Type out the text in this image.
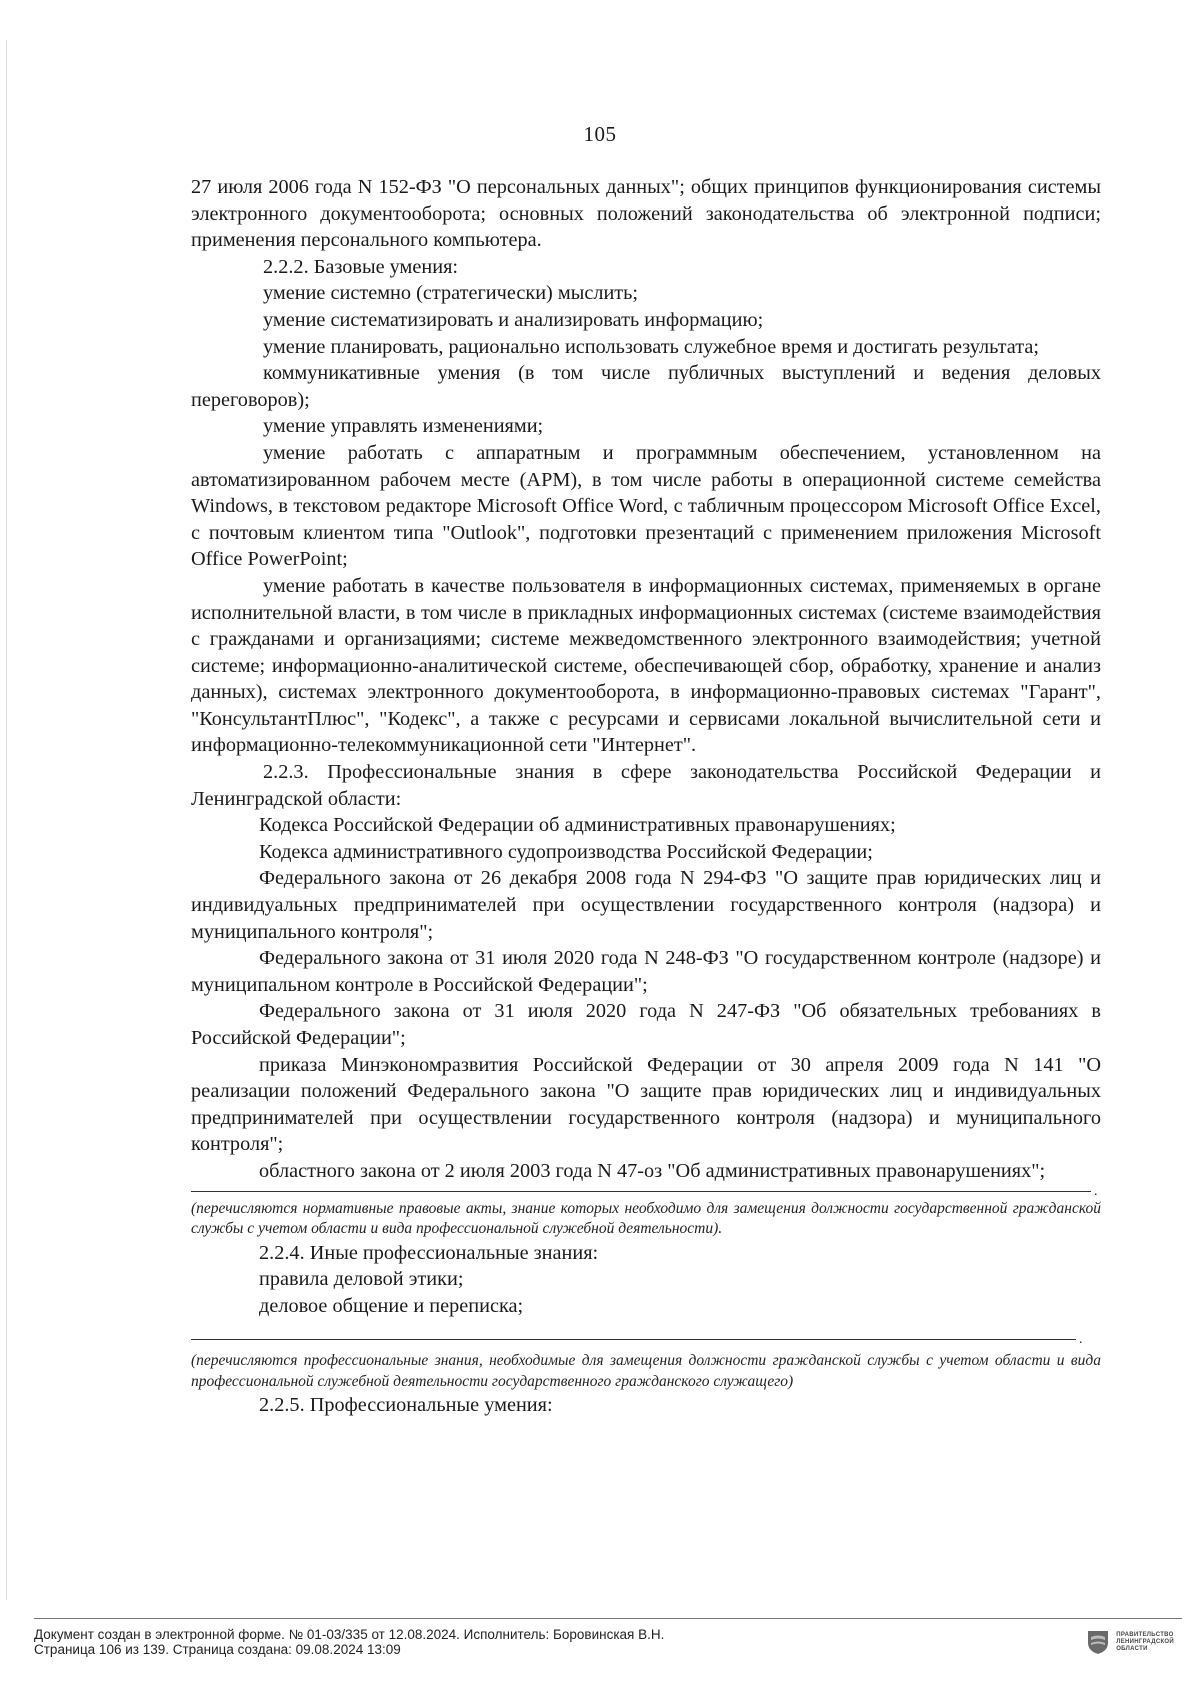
105

27 июля 2006 года N 152-ФЗ "О персональных данных"; общих принципов функционирования системы электронного документооборота; основных положений законодательства об электронной подписи; применения персонального компьютера.

2.2.2. Базовые умения:

умение системно (стратегически) мыслить;

умение систематизировать и анализировать информацию;

умение планировать, рационально использовать служебное время и достигать результата;

коммуникативные умения (в том числе публичных выступлений и ведения деловых переговоров);

умение управлять изменениями;

умение работать с аппаратным и программным обеспечением, установленном на автоматизированном рабочем месте (АРМ), в том числе работы в операционной системе семейства Windows, в текстовом редакторе Microsoft Office Word, с табличным процессором Microsoft Office Excel, с почтовым клиентом типа "Outlook", подготовки презентаций с применением приложения Microsoft Office PowerPoint;

умение работать в качестве пользователя в информационных системах, применяемых в органе исполнительной власти, в том числе в прикладных информационных системах (системе взаимодействия с гражданами и организациями; системе межведомственного электронного взаимодействия; учетной системе; информационно-аналитической системе, обеспечивающей сбор, обработку, хранение и анализ данных), системах электронного документооборота, в информационно-правовых системах "Гарант", "КонсультантПлюс", "Кодекс", а также с ресурсами и сервисами локальной вычислительной сети и информационно-телекоммуникационной сети "Интернет".

2.2.3. Профессиональные знания в сфере законодательства Российской Федерации и Ленинградской области:

Кодекса Российской Федерации об административных правонарушениях;

Кодекса административного судопроизводства Российской Федерации;

Федерального закона от 26 декабря 2008 года N 294-ФЗ "О защите прав юридических лиц и индивидуальных предпринимателей при осуществлении государственного контроля (надзора) и муниципального контроля";

Федерального закона от 31 июля 2020 года N 248-ФЗ "О государственном контроле (надзоре) и муниципальном контроле в Российской Федерации";

Федерального закона от 31 июля 2020 года N 247-ФЗ "Об обязательных требованиях в Российской Федерации";

приказа Минэкономразвития Российской Федерации от 30 апреля 2009 года N 141 "О реализации положений Федерального закона "О защите прав юридических лиц и индивидуальных предпринимателей при осуществлении государственного контроля (надзора) и муниципального контроля";

областного закона от 2 июля 2003 года N 47-оз "Об административных правонарушениях";

.

(перечисляются нормативные правовые акты, знание которых необходимо для замещения должности государственной гражданской службы с учетом области и вида профессиональной служебной деятельности).

2.2.4. Иные профессиональные знания:

правила деловой этики;

деловое общение и переписка;

.

(перечисляются профессиональные знания, необходимые для замещения должности гражданской службы с учетом области и вида профессиональной служебной деятельности государственного гражданского служащего)

2.2.5. Профессиональные умения:

Документ создан в электронной форме. № 01-03/335 от 12.08.2024. Исполнитель: Боровинская В.Н.
Страница 106 из 139. Страница создана: 09.08.2024 13:09
ПРАВИТЕЛЬСТВО
ЛЕНИНГРАДСКОЙ
ОБЛАСТИ
